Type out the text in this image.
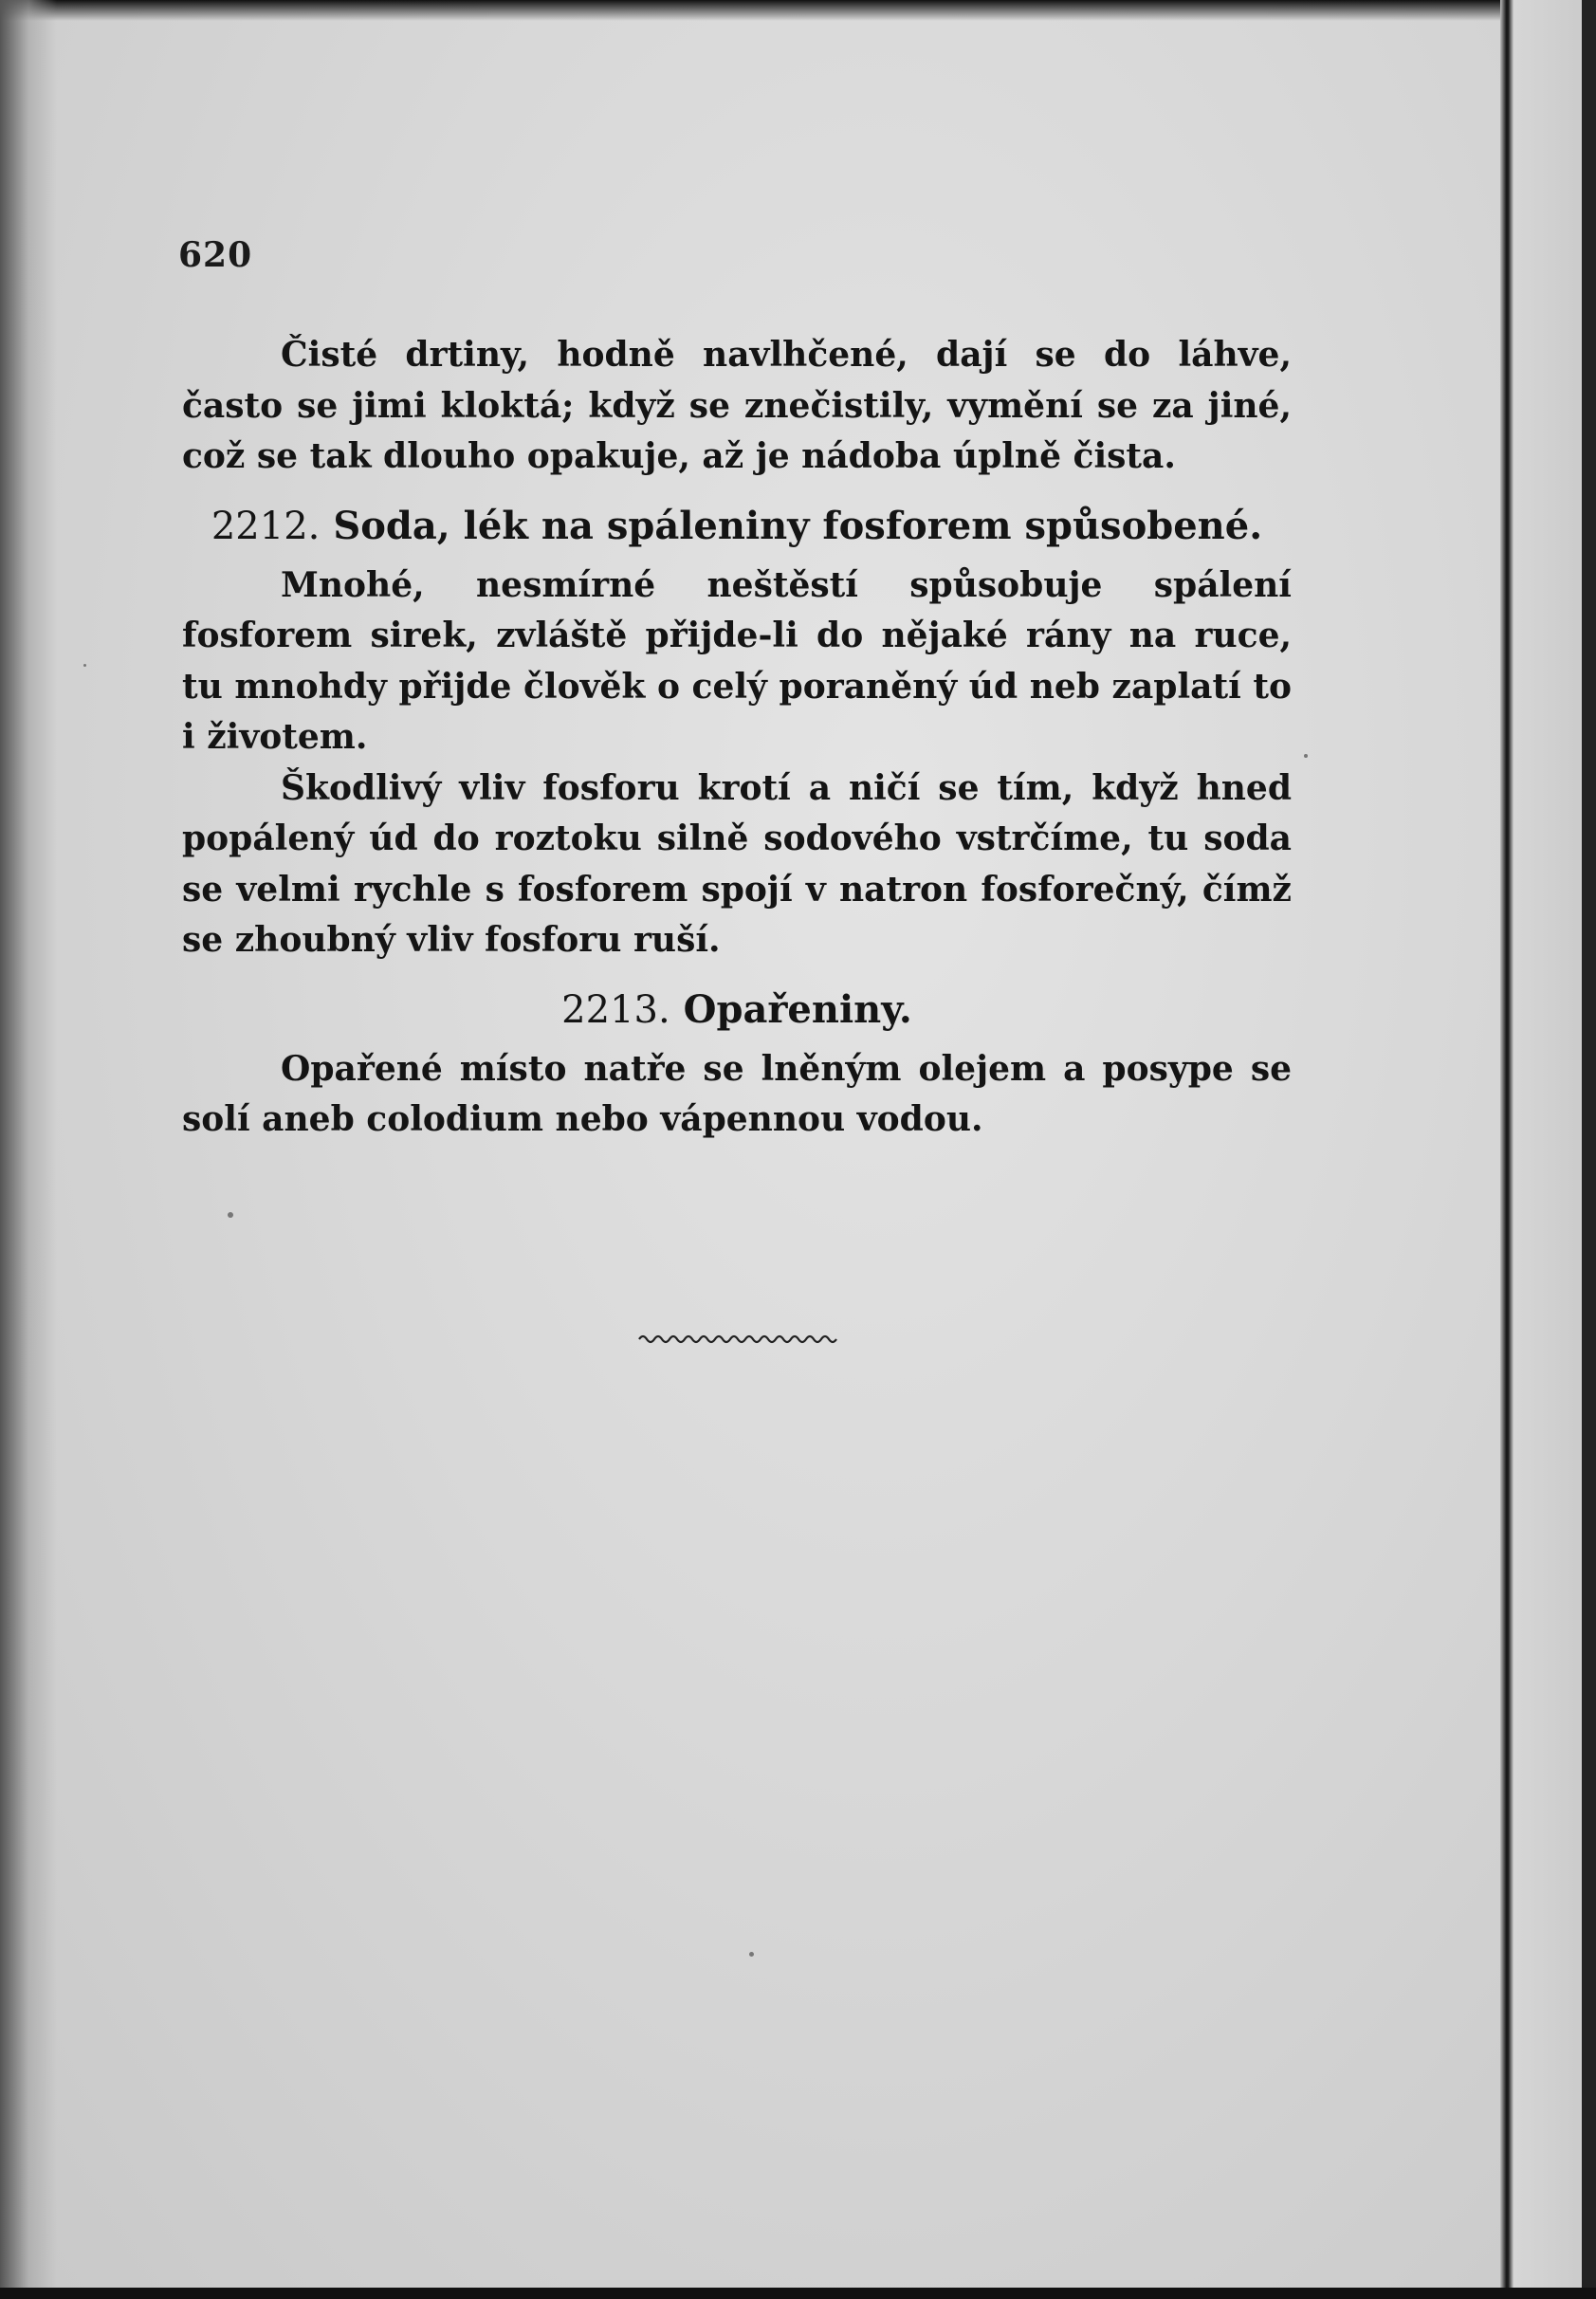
620

Čisté drtiny, hodně navlhčené, dají se do láhve, často se jimi kloktá; když se znečistily, vymění se za jiné, což se tak dlouho opakuje, až je nádoba úplně čista.

2212. Soda, lék na spáleniny fosforem spůsobené.

Mnohé, nesmírné neštěstí spůsobuje spálení fosforem sirek, zvláště přijde-li do nějaké rány na ruce, tu mnohdy přijde člověk o celý poraněný úd neb zaplatí to i životem.

Škodlivý vliv fosforu krotí a ničí se tím, když hned popálený úd do roztoku silně sodového vstrčíme, tu soda se velmi rychle s fosforem spojí v natron fosforečný, čímž se zhoubný vliv fosforu ruší.

2213. Opařeniny.

Opařené místo natře se lněným olejem a posype se solí aneb colodium nebo vápennou vodou.
